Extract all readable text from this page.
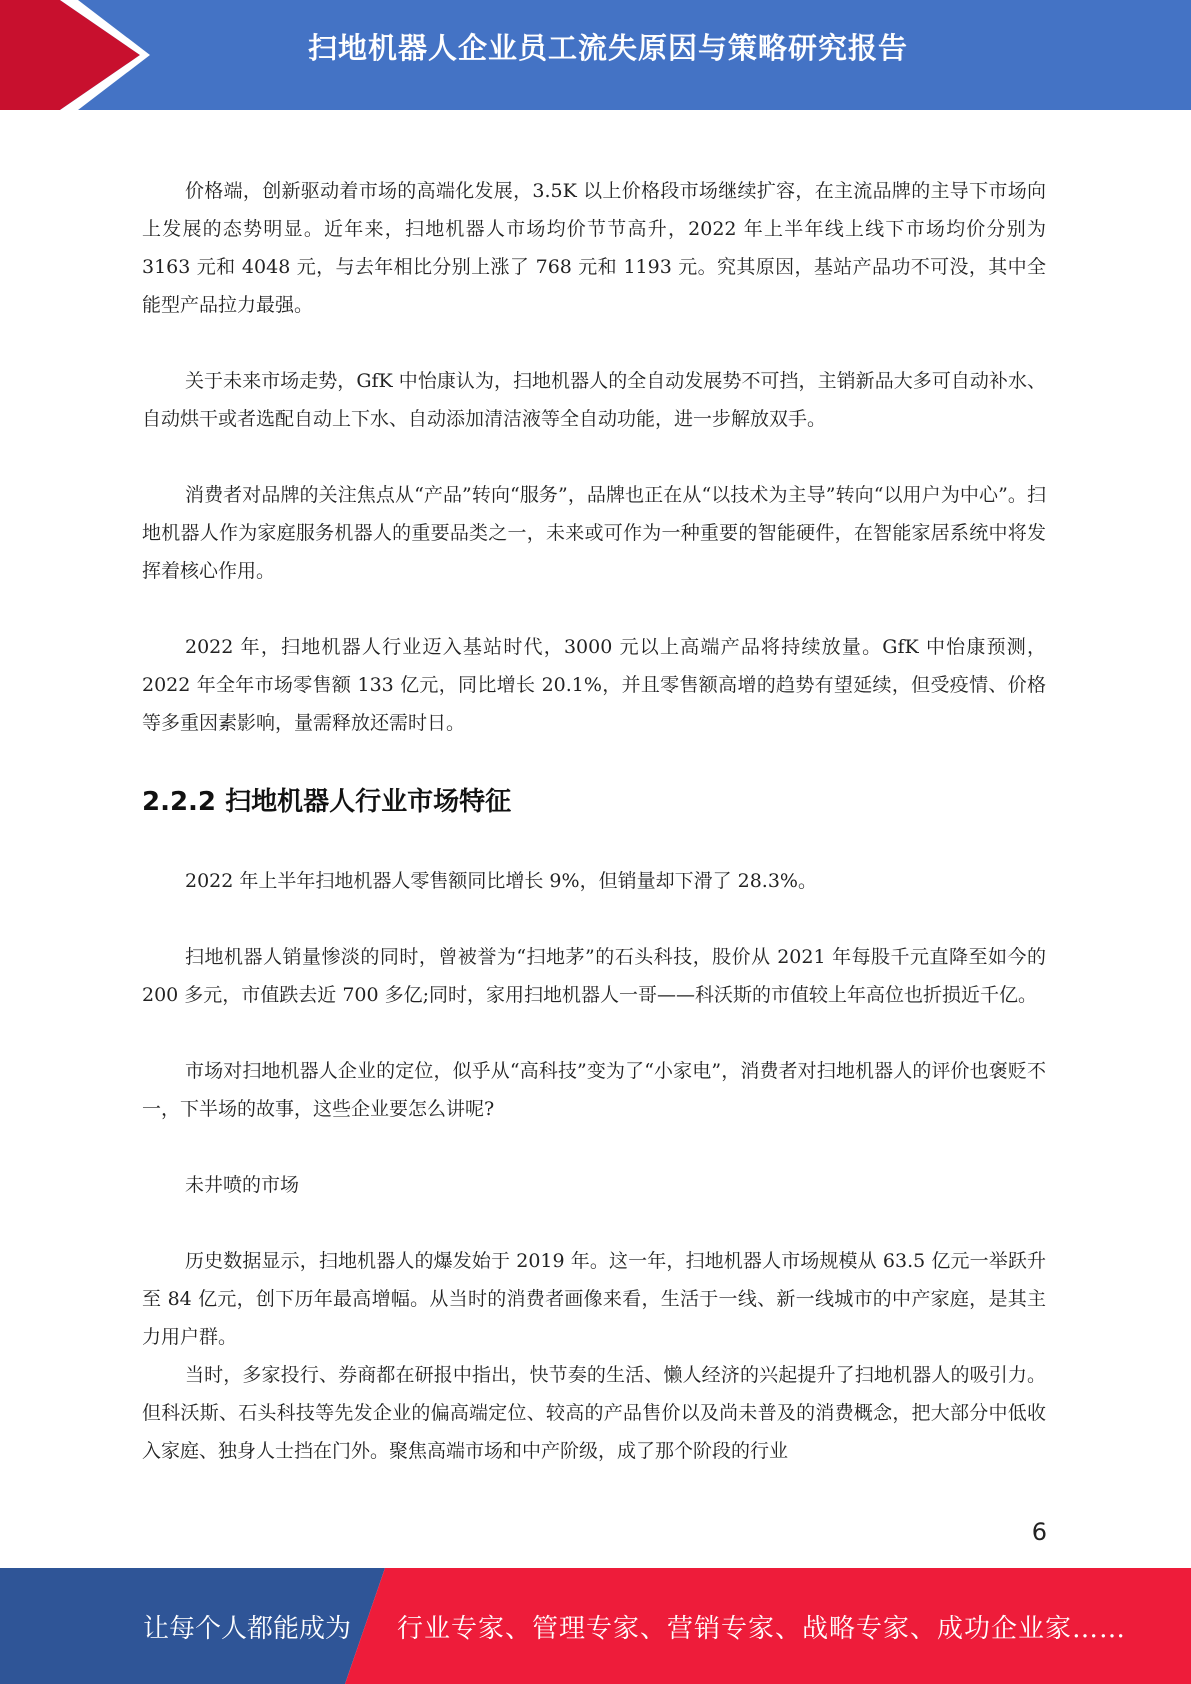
扫地机器人企业员工流失原因与策略研究报告

价格端，创新驱动着市场的高端化发展，3.5K 以上价格段市场继续扩容，在主流品牌的主导下市场向上发展的态势明显。近年来，扫地机器人市场均价节节高升，2022 年上半年线上线下市场均价分别为 3163 元和 4048 元，与去年相比分别上涨了 768 元和 1193 元。究其原因，基站产品功不可没，其中全能型产品拉力最强。

关于未来市场走势，GfK 中怡康认为，扫地机器人的全自动发展势不可挡，主销新品大多可自动补水、自动烘干或者选配自动上下水、自动添加清洁液等全自动功能，进一步解放双手。

消费者对品牌的关注焦点从“产品”转向“服务”，品牌也正在从“以技术为主导”转向“以用户为中心”。扫地机器人作为家庭服务机器人的重要品类之一，未来或可作为一种重要的智能硬件，在智能家居系统中将发挥着核心作用。

2022 年，扫地机器人行业迈入基站时代，3000 元以上高端产品将持续放量。GfK 中怡康预测，2022 年全年市场零售额 133 亿元，同比增长 20.1%，并且零售额高增的趋势有望延续，但受疫情、价格等多重因素影响，量需释放还需时日。

2.2.2 扫地机器人行业市场特征

2022 年上半年扫地机器人零售额同比增长 9%，但销量却下滑了 28.3%。

扫地机器人销量惨淡的同时，曾被誉为“扫地茅”的石头科技，股价从 2021 年每股千元直降至如今的 200 多元，市值跌去近 700 多亿;同时，家用扫地机器人一哥——科沃斯的市值较上年高位也折损近千亿。

市场对扫地机器人企业的定位，似乎从“高科技”变为了“小家电”，消费者对扫地机器人的评价也褒贬不一，下半场的故事，这些企业要怎么讲呢?

未井喷的市场

历史数据显示，扫地机器人的爆发始于 2019 年。这一年，扫地机器人市场规模从 63.5 亿元一举跃升至 84 亿元，创下历年最高增幅。从当时的消费者画像来看，生活于一线、新一线城市的中产家庭，是其主力用户群。

当时，多家投行、券商都在研报中指出，快节奏的生活、懒人经济的兴起提升了扫地机器人的吸引力。但科沃斯、石头科技等先发企业的偏高端定位、较高的产品售价以及尚未普及的消费概念，把大部分中低收入家庭、独身人士挡在门外。聚焦高端市场和中产阶级，成了那个阶段的行业

6
让每个人都能成为 行业专家、管理专家、营销专家、战略专家、成功企业家……
